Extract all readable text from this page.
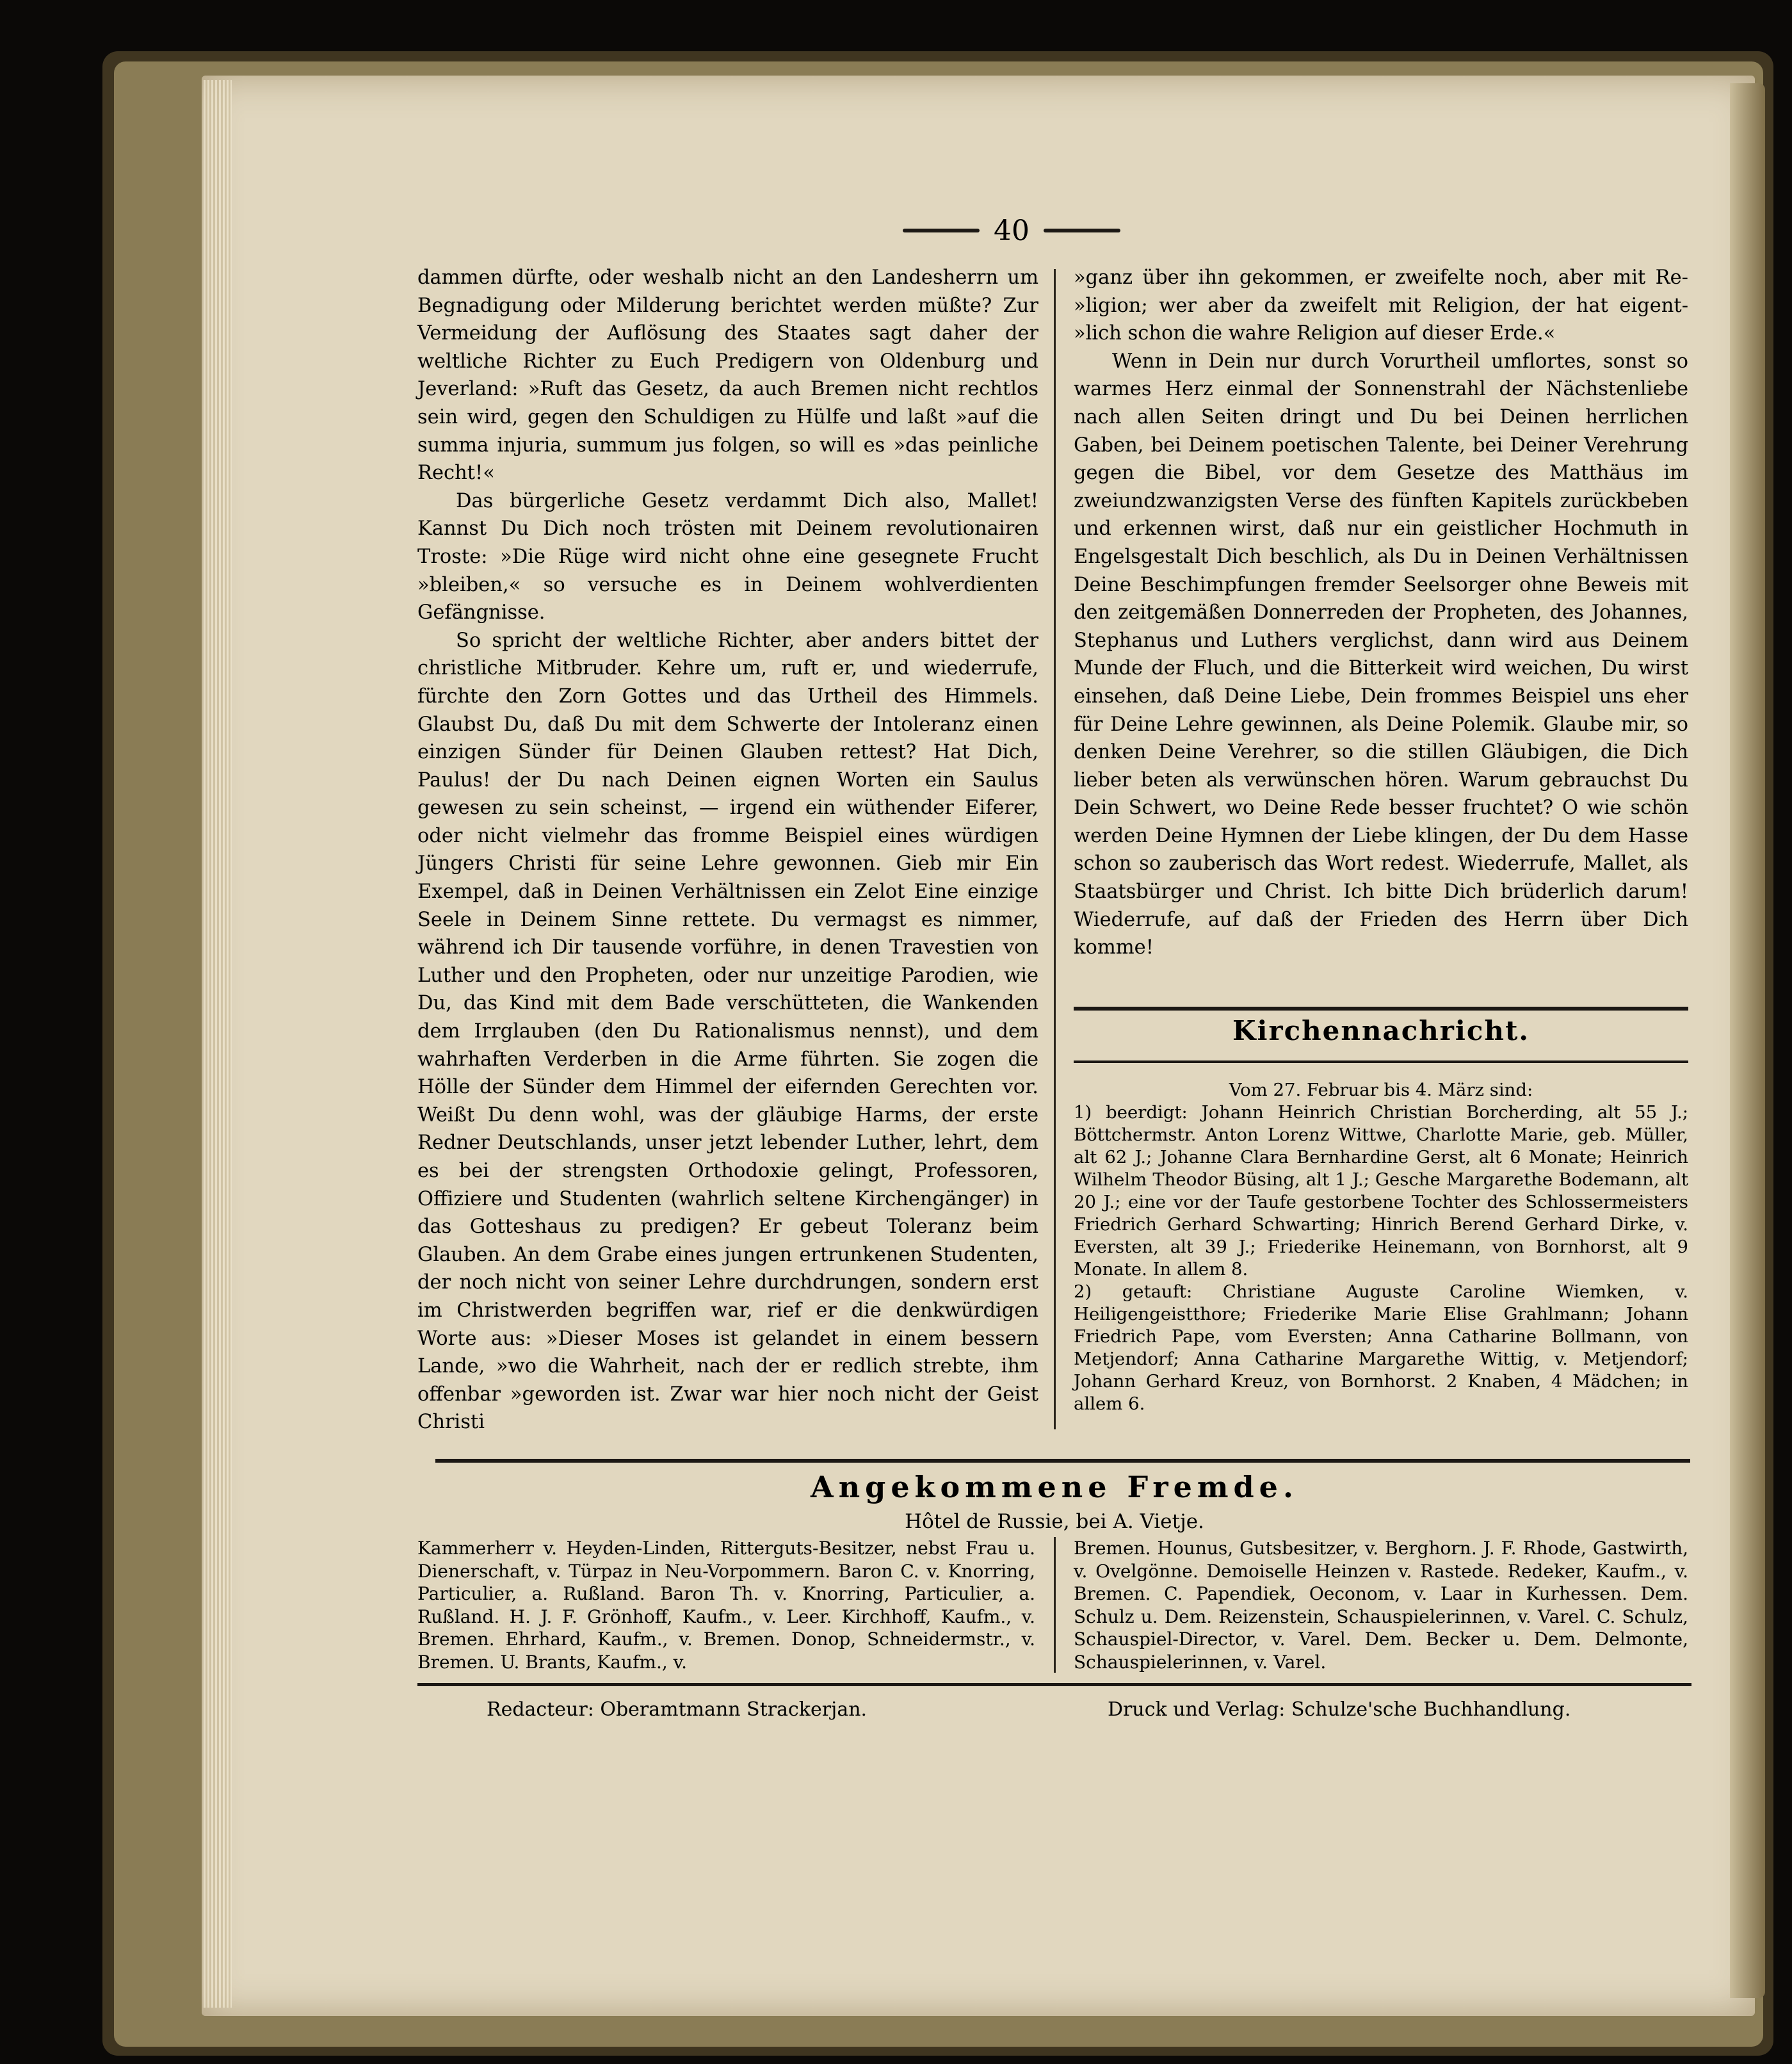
40

dammen dürfte, oder weshalb nicht an den Landesherrn um Begnadigung oder Milderung berichtet werden müßte? Zur Vermeidung der Auflösung des Staates sagt daher der weltliche Richter zu Euch Predigern von Oldenburg und Jeverland: »Ruft das Gesetz, da auch Bremen nicht rechtlos sein wird, gegen den Schuldigen zu Hülfe und laßt »auf die summa injuria, summum jus folgen, so will es »das peinliche Recht!«

Das bürgerliche Gesetz verdammt Dich also, Mallet! Kannst Du Dich noch trösten mit Deinem revolutionairen Troste: »Die Rüge wird nicht ohne eine gesegnete Frucht »bleiben,« so versuche es in Deinem wohlverdienten Gefängnisse.

So spricht der weltliche Richter, aber anders bittet der christliche Mitbruder. Kehre um, ruft er, und wiederrufe, fürchte den Zorn Gottes und das Urtheil des Himmels. Glaubst Du, daß Du mit dem Schwerte der Intoleranz einen einzigen Sünder für Deinen Glauben rettest? Hat Dich, Paulus! der Du nach Deinen eignen Worten ein Saulus gewesen zu sein scheinst, — irgend ein wüthender Eiferer, oder nicht vielmehr das fromme Beispiel eines würdigen Jüngers Christi für seine Lehre gewonnen. Gieb mir Ein Exempel, daß in Deinen Verhältnissen ein Zelot Eine einzige Seele in Deinem Sinne rettete. Du vermagst es nimmer, während ich Dir tausende vorführe, in denen Travestien von Luther und den Propheten, oder nur unzeitige Parodien, wie Du, das Kind mit dem Bade verschütteten, die Wankenden dem Irrglauben (den Du Rationalismus nennst), und dem wahrhaften Verderben in die Arme führten. Sie zogen die Hölle der Sünder dem Himmel der eifernden Gerechten vor. Weißt Du denn wohl, was der gläubige Harms, der erste Redner Deutschlands, unser jetzt lebender Luther, lehrt, dem es bei der strengsten Orthodoxie gelingt, Professoren, Offiziere und Studenten (wahrlich seltene Kirchengänger) in das Gotteshaus zu predigen? Er gebeut Toleranz beim Glauben. An dem Grabe eines jungen ertrunkenen Studenten, der noch nicht von seiner Lehre durchdrungen, sondern erst im Christwerden begriffen war, rief er die denkwürdigen Worte aus: »Dieser Moses ist gelandet in einem bessern Lande, »wo die Wahrheit, nach der er redlich strebte, ihm offenbar »geworden ist. Zwar war hier noch nicht der Geist Christi

»ganz über ihn gekommen, er zweifelte noch, aber mit Re- »ligion; wer aber da zweifelt mit Religion, der hat eigent- »lich schon die wahre Religion auf dieser Erde.«

Wenn in Dein nur durch Vorurtheil umflortes, sonst so warmes Herz einmal der Sonnenstrahl der Nächstenliebe nach allen Seiten dringt und Du bei Deinen herrlichen Gaben, bei Deinem poetischen Talente, bei Deiner Verehrung gegen die Bibel, vor dem Gesetze des Matthäus im zweiundzwanzigsten Verse des fünften Kapitels zurückbeben und erkennen wirst, daß nur ein geistlicher Hochmuth in Engelsgestalt Dich beschlich, als Du in Deinen Verhältnissen Deine Beschimpfungen fremder Seelsorger ohne Beweis mit den zeitgemäßen Donnerreden der Propheten, des Johannes, Stephanus und Luthers verglichst, dann wird aus Deinem Munde der Fluch, und die Bitterkeit wird weichen, Du wirst einsehen, daß Deine Liebe, Dein frommes Beispiel uns eher für Deine Lehre gewinnen, als Deine Polemik. Glaube mir, so denken Deine Verehrer, so die stillen Gläubigen, die Dich lieber beten als verwünschen hören. Warum gebrauchst Du Dein Schwert, wo Deine Rede besser fruchtet? O wie schön werden Deine Hymnen der Liebe klingen, der Du dem Hasse schon so zauberisch das Wort redest. Wiederrufe, Mallet, als Staatsbürger und Christ. Ich bitte Dich brüderlich darum! Wiederrufe, auf daß der Frieden des Herrn über Dich komme!

Kirchennachricht.

Vom 27. Februar bis 4. März sind:

1) beerdigt: Johann Heinrich Christian Borcherding, alt 55 J.; Böttchermstr. Anton Lorenz Wittwe, Charlotte Marie, geb. Müller, alt 62 J.; Johanne Clara Bernhardine Gerst, alt 6 Monate; Heinrich Wilhelm Theodor Büsing, alt 1 J.; Gesche Margarethe Bodemann, alt 20 J.; eine vor der Taufe gestorbene Tochter des Schlossermeisters Friedrich Gerhard Schwarting; Hinrich Berend Gerhard Dirke, v. Eversten, alt 39 J.; Friederike Heinemann, von Bornhorst, alt 9 Monate. In allem 8.

2) getauft: Christiane Auguste Caroline Wiemken, v. Heiligengeistthore; Friederike Marie Elise Grahlmann; Johann Friedrich Pape, vom Eversten; Anna Catharine Bollmann, von Metjendorf; Anna Catharine Margarethe Wittig, v. Metjendorf; Johann Gerhard Kreuz, von Bornhorst. 2 Knaben, 4 Mädchen; in allem 6.

Angekommene Fremde.
Hôtel de Russie, bei A. Vietje.
Kammerherr v. Heyden-Linden, Ritterguts-Besitzer, nebst Frau u. Dienerschaft, v. Türpaz in Neu-Vorpommern. Baron C. v. Knorring, Particulier, a. Rußland. Baron Th. v. Knorring, Particulier, a. Rußland. H. J. F. Grönhoff, Kaufm., v. Leer. Kirchhoff, Kaufm., v. Bremen. Ehrhard, Kaufm., v. Bremen. Donop, Schneidermstr., v. Bremen. U. Brants, Kaufm., v.
Bremen. Hounus, Gutsbesitzer, v. Berghorn. J. F. Rhode, Gastwirth, v. Ovelgönne. Demoiselle Heinzen v. Rastede. Redeker, Kaufm., v. Bremen. C. Papendiek, Oeconom, v. Laar in Kurhessen. Dem. Schulz u. Dem. Reizenstein, Schauspielerinnen, v. Varel. C. Schulz, Schauspiel-Director, v. Varel. Dem. Becker u. Dem. Delmonte, Schauspielerinnen, v. Varel.
Redacteur: Oberamtmann Strackerjan.	Druck und Verlag: Schulze'sche Buchhandlung.
